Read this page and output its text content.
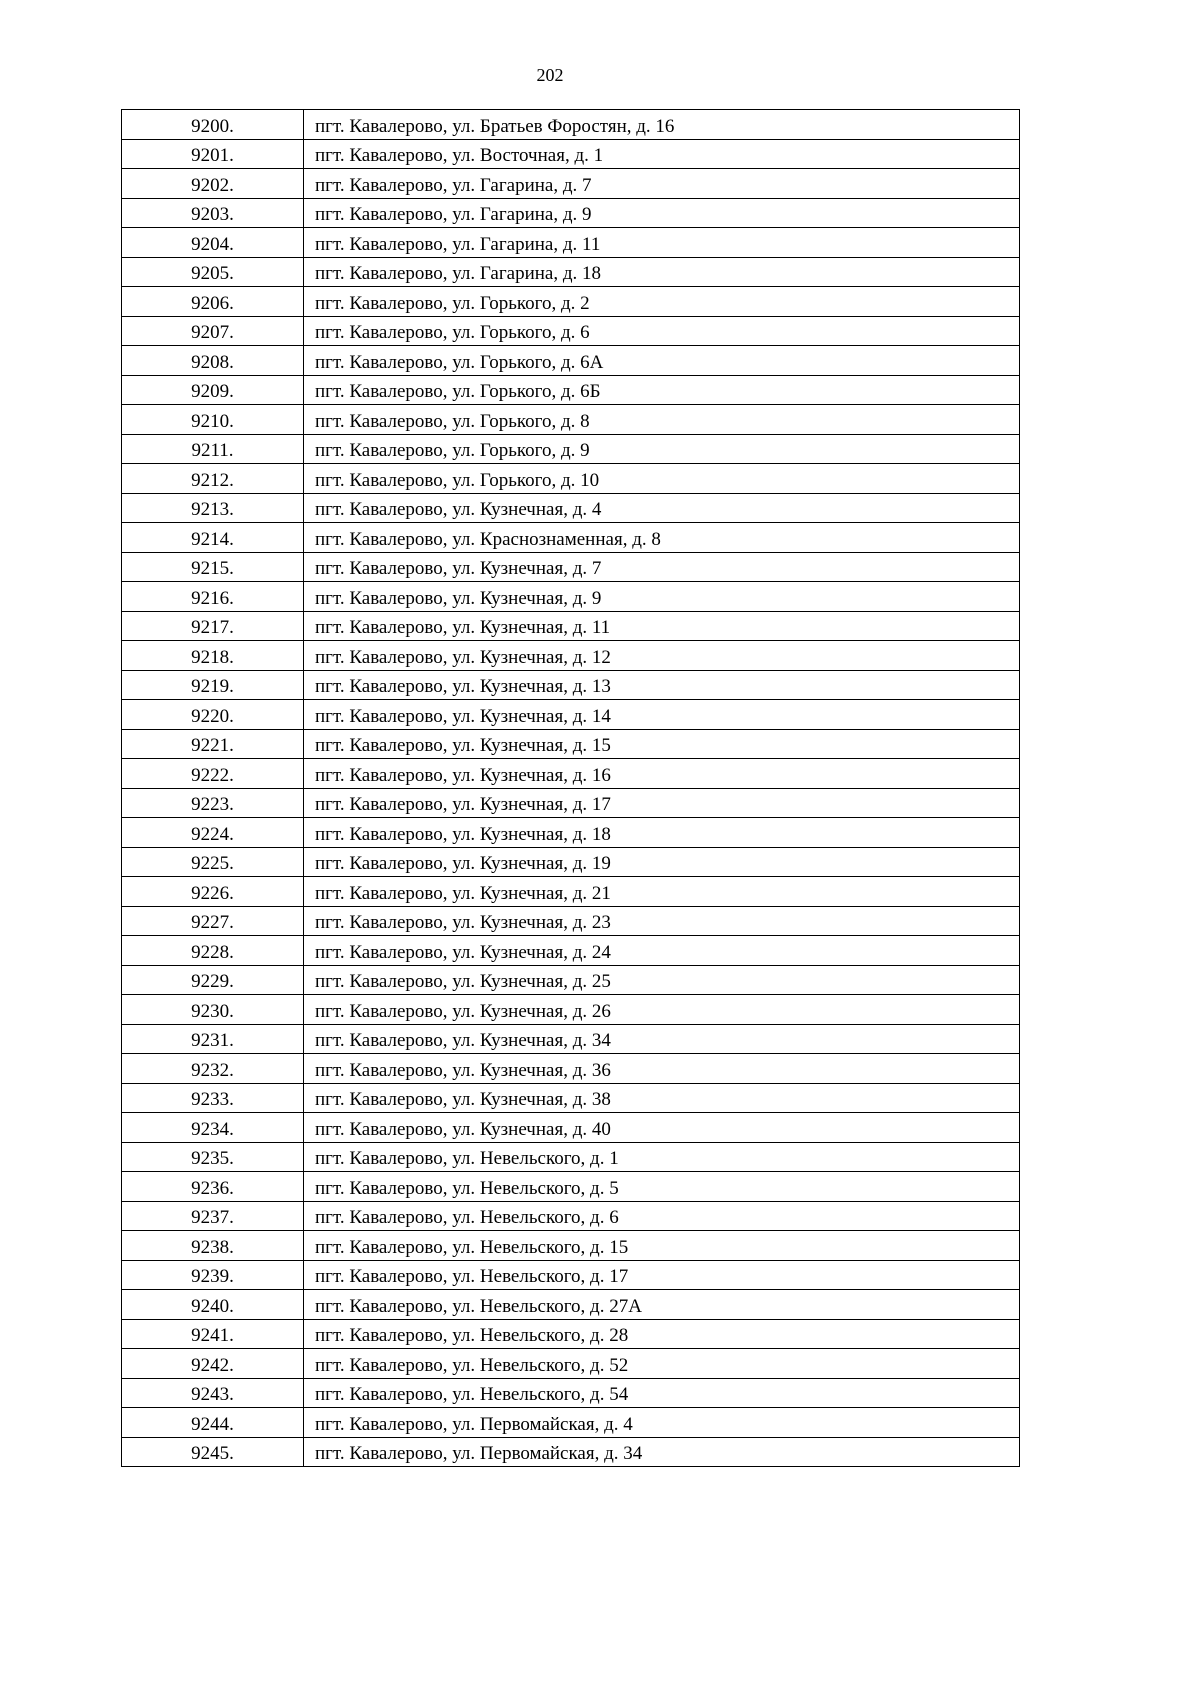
202
9200.	пгт. Кавалерово, ул. Братьев Форостян, д. 16
9201.	пгт. Кавалерово, ул. Восточная, д. 1
9202.	пгт. Кавалерово, ул. Гагарина, д. 7
9203.	пгт. Кавалерово, ул. Гагарина, д. 9
9204.	пгт. Кавалерово, ул. Гагарина, д. 11
9205.	пгт. Кавалерово, ул. Гагарина, д. 18
9206.	пгт. Кавалерово, ул. Горького, д. 2
9207.	пгт. Кавалерово, ул. Горького, д. 6
9208.	пгт. Кавалерово, ул. Горького, д. 6А
9209.	пгт. Кавалерово, ул. Горького, д. 6Б
9210.	пгт. Кавалерово, ул. Горького, д. 8
9211.	пгт. Кавалерово, ул. Горького, д. 9
9212.	пгт. Кавалерово, ул. Горького, д. 10
9213.	пгт. Кавалерово, ул. Кузнечная, д. 4
9214.	пгт. Кавалерово, ул. Краснознаменная, д. 8
9215.	пгт. Кавалерово, ул. Кузнечная, д. 7
9216.	пгт. Кавалерово, ул. Кузнечная, д. 9
9217.	пгт. Кавалерово, ул. Кузнечная, д. 11
9218.	пгт. Кавалерово, ул. Кузнечная, д. 12
9219.	пгт. Кавалерово, ул. Кузнечная, д. 13
9220.	пгт. Кавалерово, ул. Кузнечная, д. 14
9221.	пгт. Кавалерово, ул. Кузнечная, д. 15
9222.	пгт. Кавалерово, ул. Кузнечная, д. 16
9223.	пгт. Кавалерово, ул. Кузнечная, д. 17
9224.	пгт. Кавалерово, ул. Кузнечная, д. 18
9225.	пгт. Кавалерово, ул. Кузнечная, д. 19
9226.	пгт. Кавалерово, ул. Кузнечная, д. 21
9227.	пгт. Кавалерово, ул. Кузнечная, д. 23
9228.	пгт. Кавалерово, ул. Кузнечная, д. 24
9229.	пгт. Кавалерово, ул. Кузнечная, д. 25
9230.	пгт. Кавалерово, ул. Кузнечная, д. 26
9231.	пгт. Кавалерово, ул. Кузнечная, д. 34
9232.	пгт. Кавалерово, ул. Кузнечная, д. 36
9233.	пгт. Кавалерово, ул. Кузнечная, д. 38
9234.	пгт. Кавалерово, ул. Кузнечная, д. 40
9235.	пгт. Кавалерово, ул. Невельского, д. 1
9236.	пгт. Кавалерово, ул. Невельского, д. 5
9237.	пгт. Кавалерово, ул. Невельского, д. 6
9238.	пгт. Кавалерово, ул. Невельского, д. 15
9239.	пгт. Кавалерово, ул. Невельского, д. 17
9240.	пгт. Кавалерово, ул. Невельского, д. 27А
9241.	пгт. Кавалерово, ул. Невельского, д. 28
9242.	пгт. Кавалерово, ул. Невельского, д. 52
9243.	пгт. Кавалерово, ул. Невельского, д. 54
9244.	пгт. Кавалерово, ул. Первомайская, д. 4
9245.	пгт. Кавалерово, ул. Первомайская, д. 34
